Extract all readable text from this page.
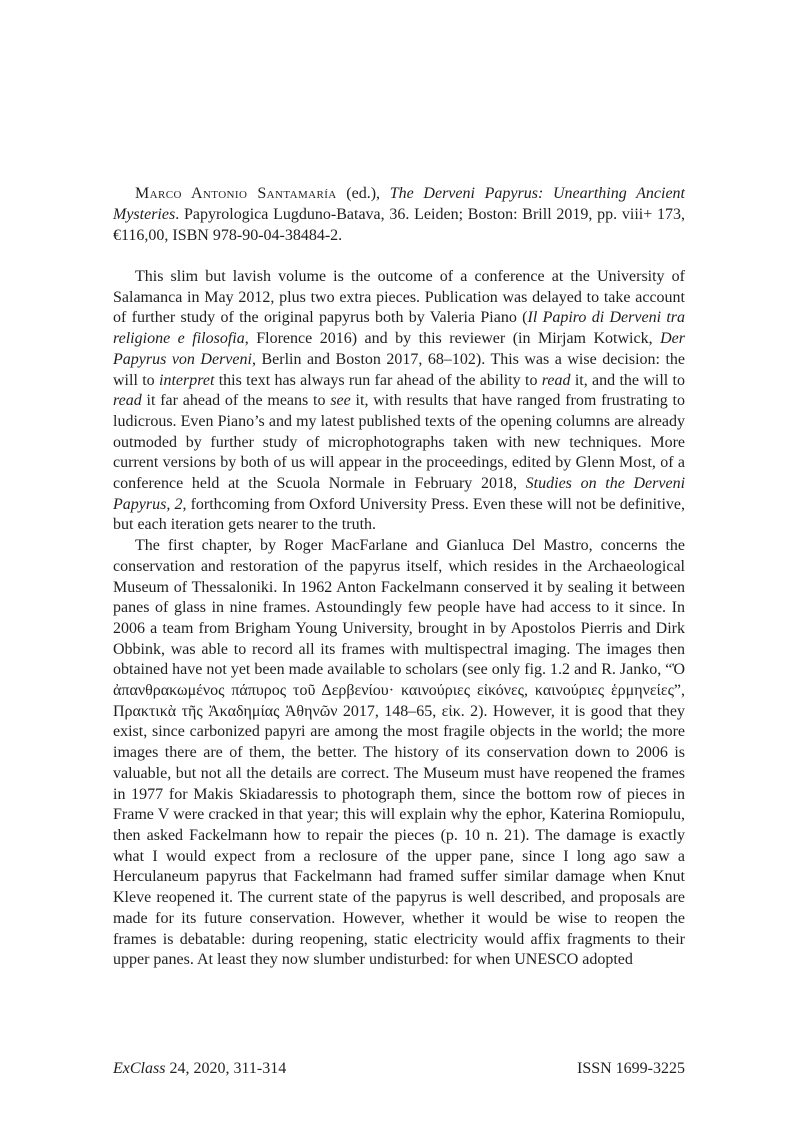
Marco Antonio Santamaría (ed.), The Derveni Papyrus: Unearthing Ancient Mysteries. Papyrologica Lugduno-Batava, 36. Leiden; Boston: Brill 2019, pp. viii+ 173, €116,00, ISBN 978-90-04-38484-2.

This slim but lavish volume is the outcome of a conference at the University of Salamanca in May 2012, plus two extra pieces. Publication was delayed to take account of further study of the original papyrus both by Valeria Piano (Il Papiro di Derveni tra religione e filosofia, Florence 2016) and by this reviewer (in Mirjam Kotwick, Der Papyrus von Derveni, Berlin and Boston 2017, 68–102). This was a wise decision: the will to interpret this text has always run far ahead of the ability to read it, and the will to read it far ahead of the means to see it, with results that have ranged from frustrating to ludicrous. Even Piano’s and my latest published texts of the opening columns are already outmoded by further study of microphotographs taken with new techniques. More current versions by both of us will appear in the proceedings, edited by Glenn Most, of a conference held at the Scuola Normale in February 2018, Studies on the Derveni Papyrus, 2, forthcoming from Oxford University Press. Even these will not be definitive, but each iteration gets nearer to the truth.

The first chapter, by Roger MacFarlane and Gianluca Del Mastro, concerns the conservation and restoration of the papyrus itself, which resides in the Archaeological Museum of Thessaloniki. In 1962 Anton Fackelmann conserved it by sealing it between panes of glass in nine frames. Astoundingly few people have had access to it since. In 2006 a team from Brigham Young University, brought in by Apostolos Pierris and Dirk Obbink, was able to record all its frames with multispectral imaging. The images then obtained have not yet been made available to scholars (see only fig. 1.2 and R. Janko, “Ὁ ἀπανθρακωμένος πάπυρος τοῦ Δερβενίου· καινούριες εἰκόνες, καινούριες ἑρμηνείες”, Πρακτικὰ τῆς Ἀκαδημίας Ἀθηνῶν 2017, 148–65, εἰκ. 2). However, it is good that they exist, since carbonized papyri are among the most fragile objects in the world; the more images there are of them, the better. The history of its conservation down to 2006 is valuable, but not all the details are correct. The Museum must have reopened the frames in 1977 for Makis Skiadaressis to photograph them, since the bottom row of pieces in Frame V were cracked in that year; this will explain why the ephor, Katerina Romiopulu, then asked Fackelmann how to repair the pieces (p. 10 n. 21). The damage is exactly what I would expect from a reclosure of the upper pane, since I long ago saw a Herculaneum papyrus that Fackelmann had framed suffer similar damage when Knut Kleve reopened it. The current state of the papyrus is well described, and proposals are made for its future conservation. However, whether it would be wise to reopen the frames is debatable: during reopening, static electricity would affix fragments to their upper panes. At least they now slumber undisturbed: for when UNESCO adopted

ExClass 24, 2020, 311-314	ISSN 1699-3225
